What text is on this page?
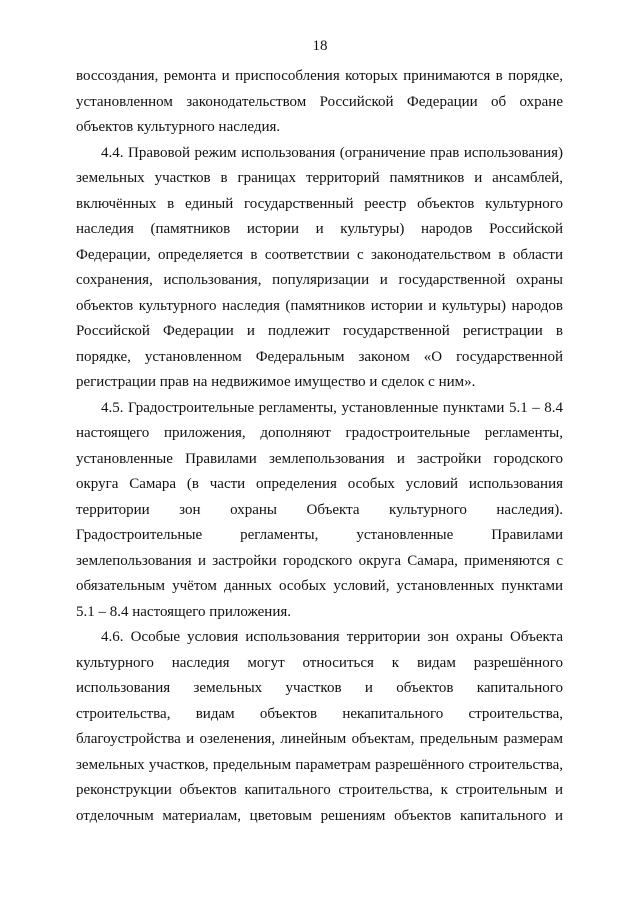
18
воссоздания, ремонта и приспособления которых принимаются в порядке,
установленном законодательством Российской Федерации об охране
объектов культурного наследия.
4.4. Правовой режим использования (ограничение прав использования)
земельных участков в границах территорий памятников и ансамблей,
включённых в единый государственный реестр объектов культурного
наследия (памятников истории и культуры) народов Российской
Федерации, определяется в соответствии с законодательством в области
сохранения, использования, популяризации и государственной охраны
объектов культурного наследия (памятников истории и культуры) народов
Российской Федерации и подлежит государственной регистрации в
порядке, установленном Федеральным законом «О государственной
регистрации прав на недвижимое имущество и сделок с ним».
4.5. Градостроительные регламенты, установленные пунктами 5.1 – 8.4
настоящего приложения, дополняют градостроительные регламенты,
установленные Правилами землепользования и застройки городского
округа Самара (в части определения особых условий использования
территории зон охраны Объекта культурного наследия).
Градостроительные регламенты, установленные Правилами
землепользования и застройки городского округа Самара, применяются с
обязательным учётом данных особых условий, установленных пунктами
5.1 – 8.4 настоящего приложения.
4.6. Особые условия использования территории зон охраны Объекта
культурного наследия могут относиться к видам разрешённого
использования земельных участков и объектов капитального
строительства, видам объектов некапитального строительства,
благоустройства и озеленения, линейным объектам, предельным размерам
земельных участков, предельным параметрам разрешённого строительства,
реконструкции объектов капитального строительства, к строительным и
отделочным материалам, цветовым решениям объектов капитального и
